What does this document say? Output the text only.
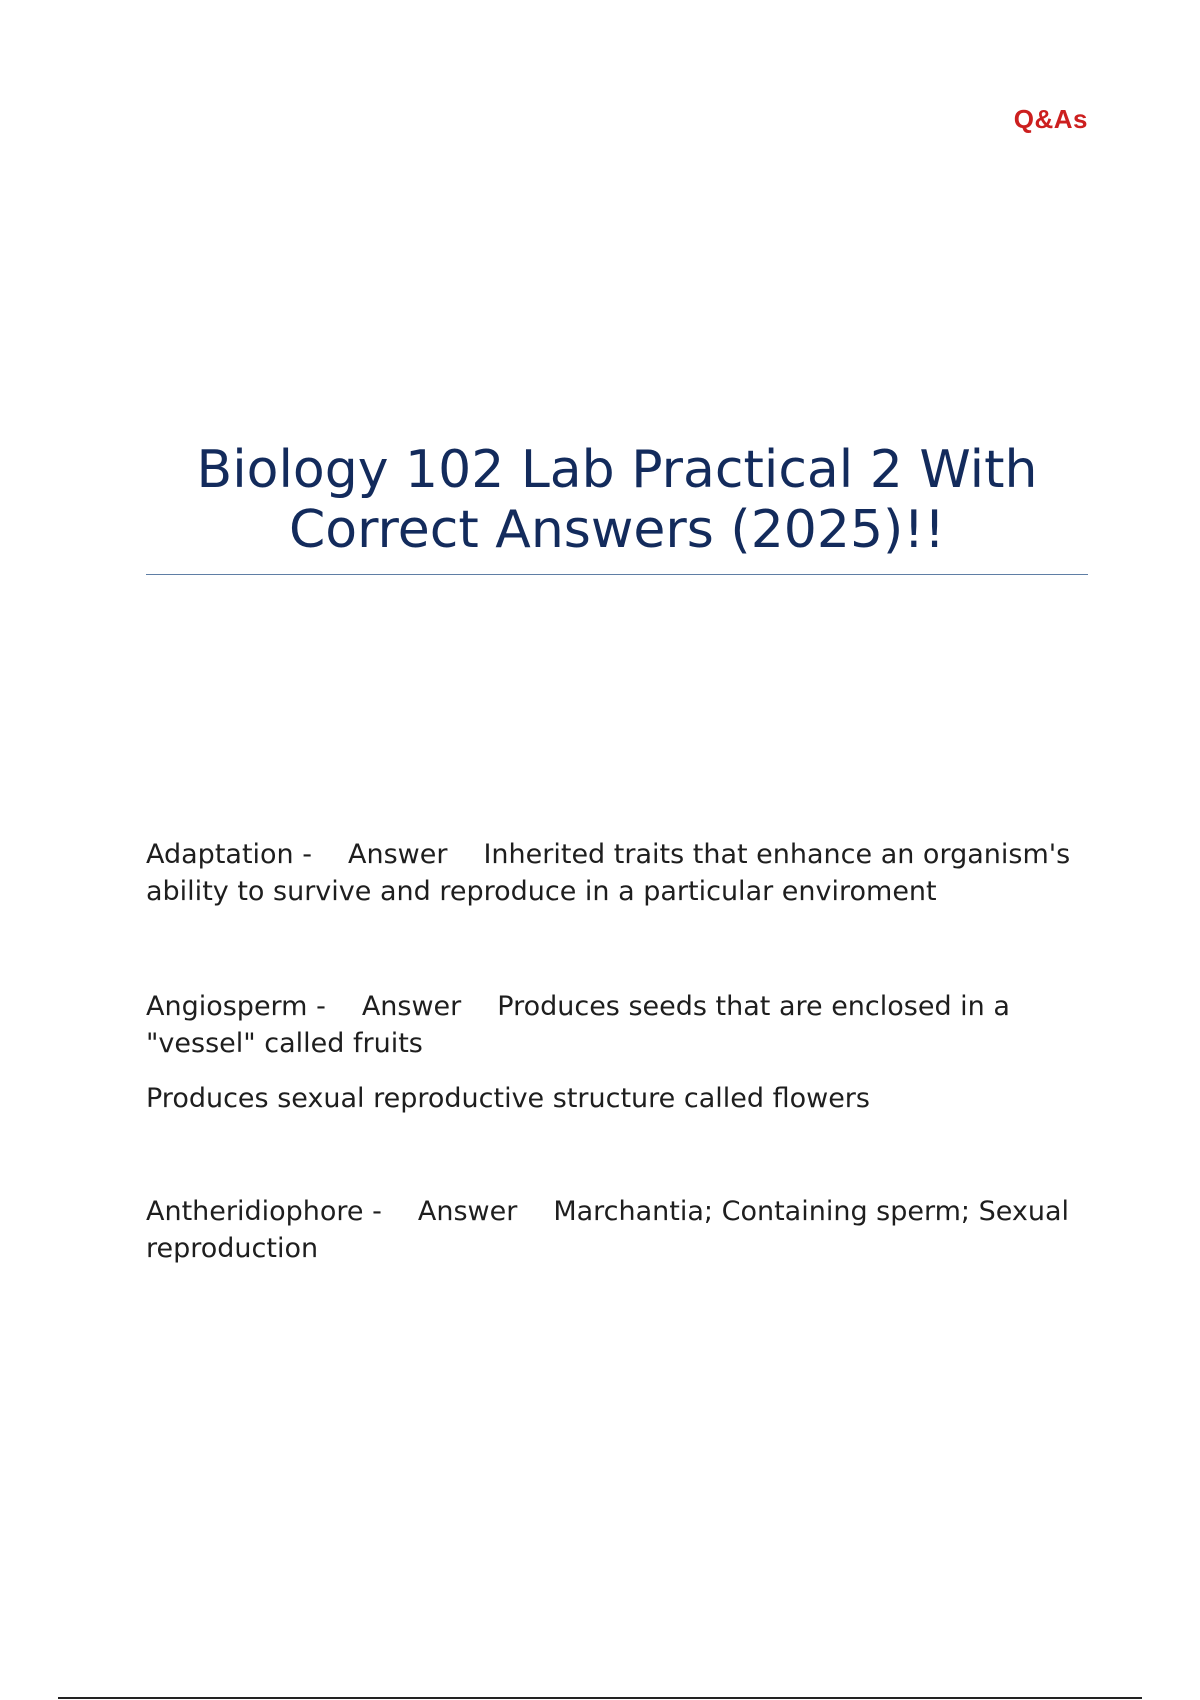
Q&As
Biology 102 Lab Practical 2 With
Correct Answers (2025)!!

Adaptation - Answer Inherited traits that enhance an organism's ability to survive and reproduce in a particular enviroment

Angiosperm - Answer Produces seeds that are enclosed in a "vessel" called fruits

Produces sexual reproductive structure called flowers

Antheridiophore - Answer Marchantia; Containing sperm; Sexual reproduction
